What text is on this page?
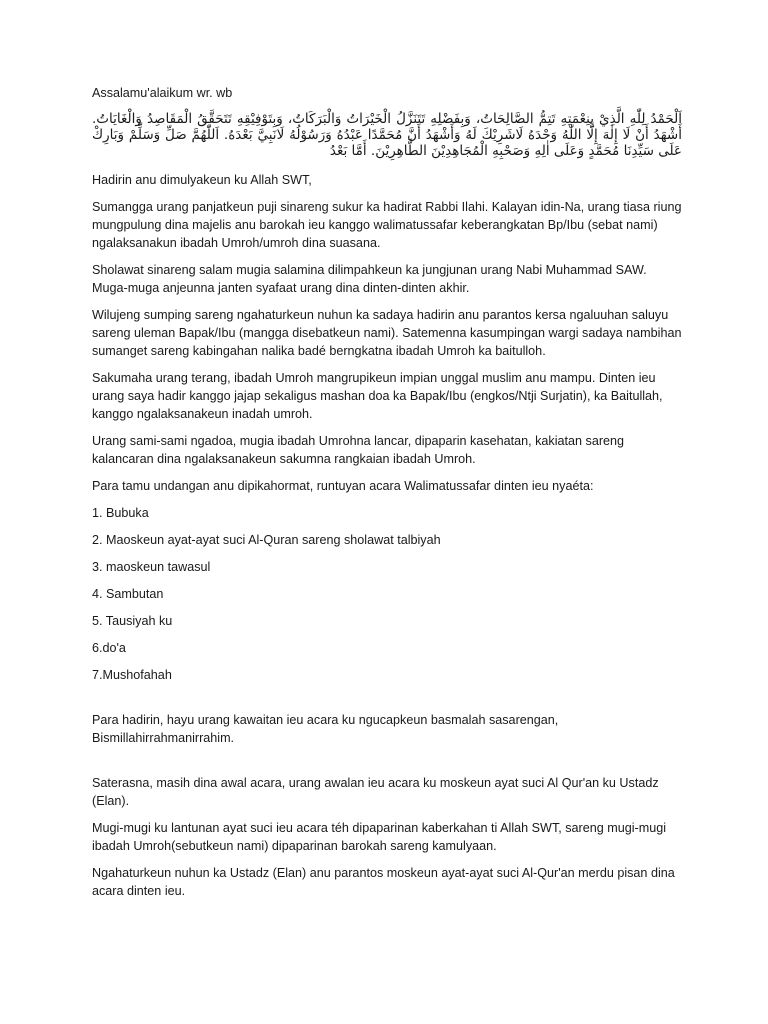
Assalamu'alaikum wr. wb

اَلْحَمْدُ لِلّٰهِ الَّذِيْ بِنِعْمَتِهِ تَتِمُّ الصَّالِحَاتُ، وَبِفَضْلِهِ تَتَنَزَّلُ الْخَيْرَاتُ وَالْبَرَكَاتُ، وَبِتَوْفِيْقِهِ تَتَحَقَّقُ الْمَقَاصِدُ وَالْغَايَاتُ. أَشْهَدُ أَنْ لَا إِلٰهَ إِلَّا اللّٰهُ وَحْدَهُ لَاشَرِيْكَ لَهُ وَأَشْهَدُ أَنَّ مُحَمَّدًا عَبْدُهُ وَرَسُوْلُهُ لَانَبِيَّ بَعْدَهُ. اَللّٰهُمَّ صَلِّ وَسَلِّمْ وَبَارِكْ عَلَى سَيِّدِنَا مُحَمَّدٍ وَعَلَى اٰلِهِ وَصَحْبِهِ الْمُجَاهِدِيْنَ الطَّاهِرِيْنَ. أَمَّا بَعْدُ

Hadirin anu dimulyakeun ku Allah SWT,

Sumangga urang panjatkeun puji sinareng sukur ka hadirat Rabbi Ilahi. Kalayan idin-Na, urang tiasa riung mungpulung dina majelis anu barokah ieu kanggo walimatussafar keberangkatan Bp/Ibu (sebat nami) ngalaksanakun ibadah Umroh/umroh dina suasana.

Sholawat sinareng salam mugia salamina dilimpahkeun ka jungjunan urang Nabi Muhammad SAW. Muga-muga anjeunna janten syafaat urang dina dinten-dinten akhir.

Wilujeng sumping sareng ngahaturkeun nuhun ka sadaya hadirin anu parantos kersa ngaluuhan saluyu sareng uleman Bapak/Ibu (mangga disebatkeun nami). Satemenna kasumpingan wargi sadaya nambihan sumanget sareng kabingahan nalika badé berngkatna ibadah Umroh ka baitulloh.

Sakumaha urang terang, ibadah Umroh mangrupikeun impian unggal muslim anu mampu. Dinten ieu urang saya hadir kanggo jajap sekaligus mashan doa ka Bapak/Ibu (engkos/Ntji Surjatin), ka Baitullah, kanggo ngalaksanakeun inadah umroh.

Urang sami-sami ngadoa, mugia ibadah Umrohna lancar, dipaparin kasehatan, kakiatan sareng kalancaran dina ngalaksanakeun sakumna rangkaian ibadah Umroh.

Para tamu undangan anu dipikahormat, runtuyan acara Walimatussafar dinten ieu nyaéta:

1. Bubuka
2. Maoskeun ayat-ayat suci Al-Quran sareng sholawat talbiyah
3. maoskeun tawasul
4. Sambutan
5. Tausiyah ku
6.do'a
7.Mushofahah

Para hadirin, hayu urang kawaitan ieu acara ku ngucapkeun basmalah sasarengan, Bismillahirrahmanirrahim.

Saterasna, masih dina awal acara, urang awalan ieu acara ku moskeun ayat suci Al Qur'an ku Ustadz (Elan).

Mugi-mugi ku lantunan ayat suci ieu acara téh dipaparinan kaberkahan ti Allah SWT, sareng mugi-mugi ibadah Umroh(sebutkeun nami) dipaparinan barokah sareng kamulyaan.

Ngahaturkeun nuhun ka Ustadz (Elan) anu parantos moskeun ayat-ayat suci Al-Qur'an merdu pisan dina acara dinten ieu.
